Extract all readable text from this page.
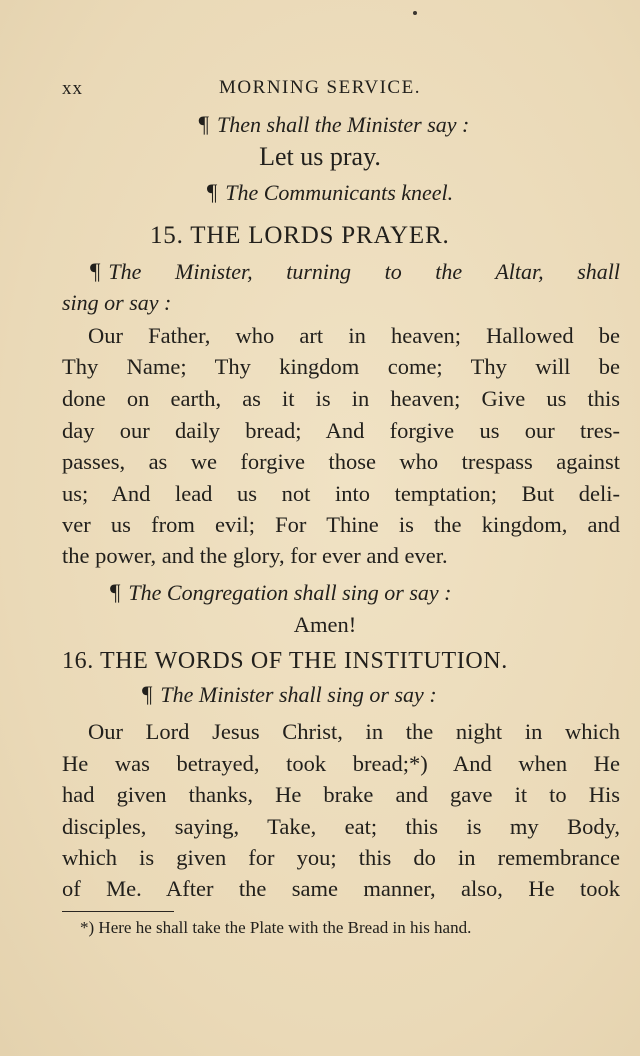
xx	MORNING SERVICE.
¶ Then shall the Minister say :
Let us pray.
¶ The Communicants kneel.
15. THE LORDS PRAYER.
¶ The Minister, turning to the Altar, shall
sing or say :
Our Father, who art in heaven; Hallowed be
Thy Name; Thy kingdom come; Thy will be
done on earth, as it is in heaven; Give us this
day our daily bread; And forgive us our tres-
passes, as we forgive those who trespass against
us; And lead us not into temptation; But deli-
ver us from evil; For Thine is the kingdom, and
the power, and the glory, for ever and ever.
¶ The Congregation shall sing or say :
Amen!
16. THE WORDS OF THE INSTITUTION.
¶ The Minister shall sing or say :
Our Lord Jesus Christ, in the night in which
He was betrayed, took bread;*) And when He
had given thanks, He brake and gave it to His
disciples, saying, Take, eat; this is my Body,
which is given for you; this do in remembrance
of Me. After the same manner, also, He took
*) Here he shall take the Plate with the Bread in his hand.
